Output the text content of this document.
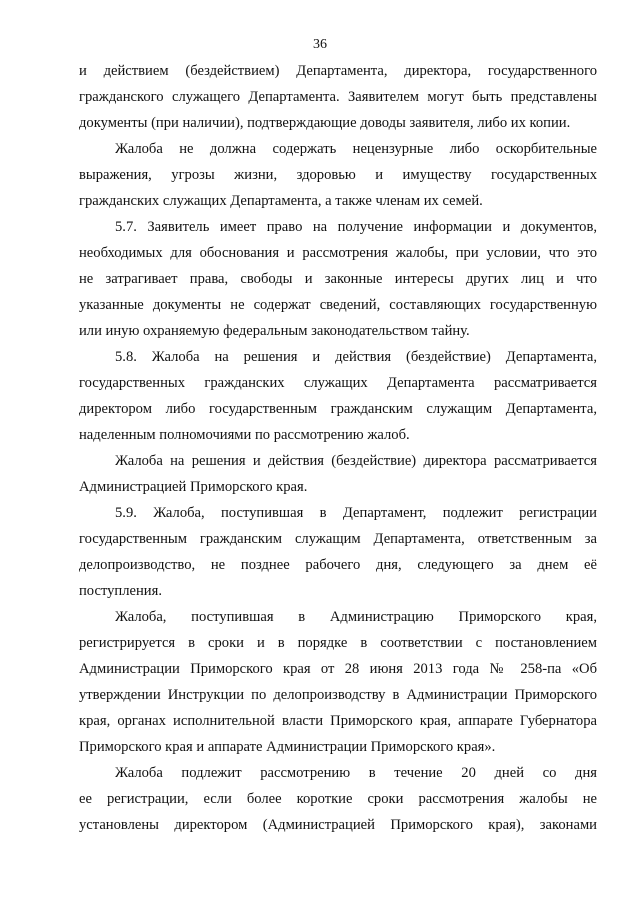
36
и действием (бездействием) Департамента, директора, государственного
гражданского служащего Департамента. Заявителем могут быть представлены
документы (при наличии), подтверждающие доводы заявителя, либо их копии.
Жалоба не должна содержать нецензурные либо оскорбительные
выражения, угрозы жизни, здоровью и имуществу государственных
гражданских служащих Департамента, а также членам их семей.
5.7. Заявитель имеет право на получение информации и документов,
необходимых для обоснования и рассмотрения жалобы, при условии, что это
не затрагивает права, свободы и законные интересы других лиц и что
указанные документы не содержат сведений, составляющих государственную
или иную охраняемую федеральным законодательством тайну.
5.8. Жалоба на решения и действия (бездействие) Департамента,
государственных гражданских служащих Департамента рассматривается
директором либо государственным гражданским служащим Департамента,
наделенным полномочиями по рассмотрению жалоб.
Жалоба на решения и действия (бездействие) директора рассматривается
Администрацией Приморского края.
5.9. Жалоба, поступившая в Департамент, подлежит регистрации
государственным гражданским служащим Департамента, ответственным за
делопроизводство, не позднее рабочего дня, следующего за днем её
поступления.
Жалоба, поступившая в Администрацию Приморского края,
регистрируется в сроки и в порядке в соответствии с постановлением
Администрации Приморского края от 28 июня 2013 года № 258-па «Об
утверждении Инструкции по делопроизводству в Администрации Приморского
края, органах исполнительной власти Приморского края, аппарате Губернатора
Приморского края и аппарате Администрации Приморского края».
Жалоба подлежит рассмотрению в течение 20 дней со дня
ее регистрации, если более короткие сроки рассмотрения жалобы не
установлены директором (Администрацией Приморского края), законами
